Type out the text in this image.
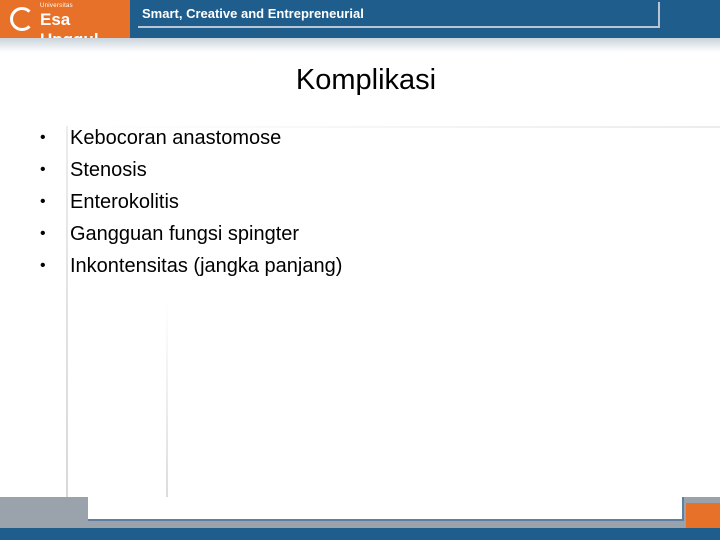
Universitas
Esa	Smart, Creative and Entrepreneurial
Komplikasi
•	Kebocoran anastomose
•	Stenosis
•	Enterokolitis
•	Gangguan fungsi spingter
•	Inkontensitas (jangka panjang)
